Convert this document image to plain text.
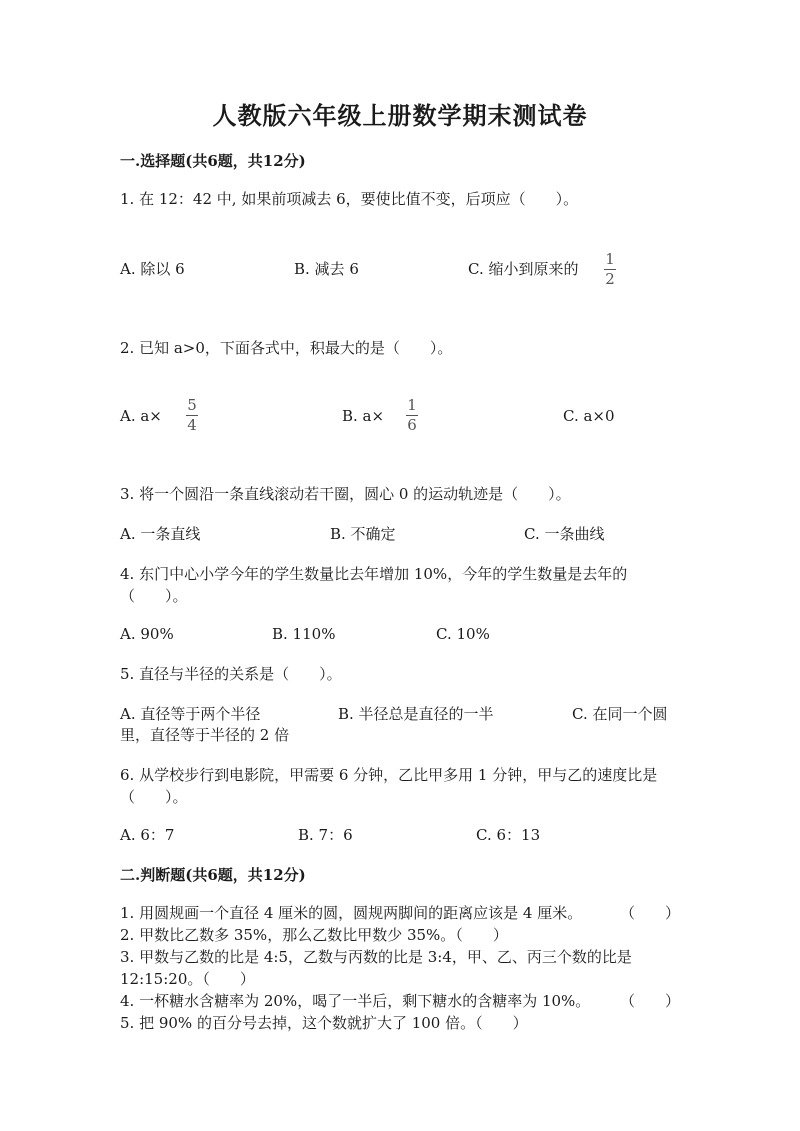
人教版六年级上册数学期末测试卷
一.选择题(共6题，共12分)
1. 在 12：42 中, 如果前项减去 6，要使比值不变，后项应（　　）。
A. 除以 6	B. 减去 6	C. 缩小到原来的
1
2
2. 已知 a>0，下面各式中，积最大的是（　　）。
A. a×
5
4	B. a×
1
6	C. a×0
3. 将一个圆沿一条直线滚动若干圈，圆心 0 的运动轨迹是（　　）。
A. 一条直线	B. 不确定	C. 一条曲线
4. 东门中心小学今年的学生数量比去年增加 10%，今年的学生数量是去年的（　　）。
A. 90%	B. 110%	C. 10%
5. 直径与半径的关系是（　　）。
A. 直径等于两个半径	B. 半径总是直径的一半	C. 在同一个圆
里，直径等于半径的 2 倍
6. 从学校步行到电影院，甲需要 6 分钟，乙比甲多用 1 分钟，甲与乙的速度比是（　　）。
A. 6：7	B. 7：6	C. 6：13
二.判断题(共6题，共12分)
（　　）
1. 用圆规画一个直径 4 厘米的圆，圆规两脚间的距离应该是 4 厘米。
2. 甲数比乙数多 35%，那么乙数比甲数少 35%。（　　）
3. 甲数与乙数的比是 4:5，乙数与丙数的比是 3:4，甲、乙、丙三个数的比是 12:15:20。（　　）
（　　）
4. 一杯糖水含糖率为 20%，喝了一半后，剩下糖水的含糖率为 10%。
5. 把 90% 的百分号去掉，这个数就扩大了 100 倍。（　　）
